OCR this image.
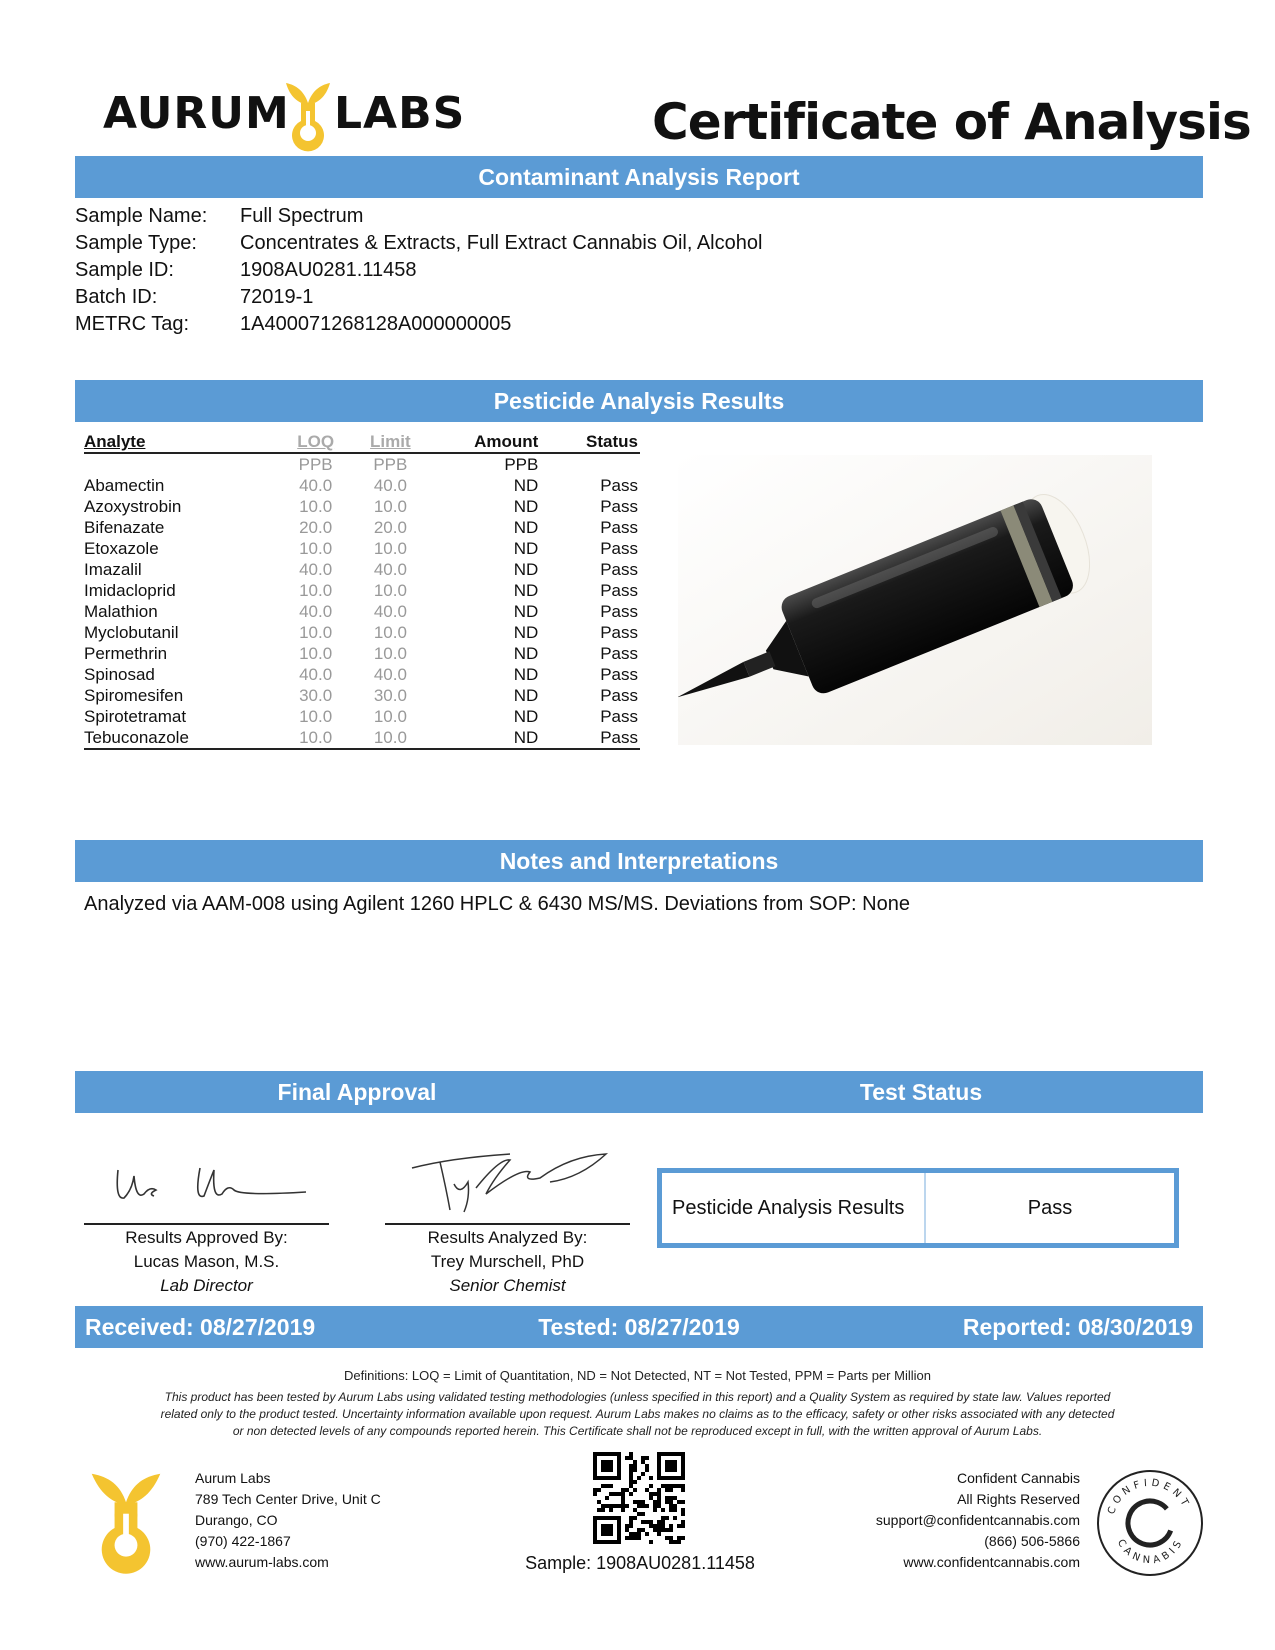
AURUM LABS	Certificate of Analysis
Contaminant Analysis Report
Sample Name:	Full Spectrum
Sample Type:	Concentrates & Extracts, Full Extract Cannabis Oil, Alcohol
Sample ID:	1908AU0281.11458
Batch ID:	72019-1
METRC Tag:	1A400071268128A000000005
Pesticide Analysis Results
Analyte	LOQ	Limit	Amount	Status
	PPB	PPB	PPB	
Abamectin	40.0	40.0	ND	Pass
Azoxystrobin	10.0	10.0	ND	Pass
Bifenazate	20.0	20.0	ND	Pass
Etoxazole	10.0	10.0	ND	Pass
Imazalil	40.0	40.0	ND	Pass
Imidacloprid	10.0	10.0	ND	Pass
Malathion	40.0	40.0	ND	Pass
Myclobutanil	10.0	10.0	ND	Pass
Permethrin	10.0	10.0	ND	Pass
Spinosad	40.0	40.0	ND	Pass
Spiromesifen	30.0	30.0	ND	Pass
Spirotetramat	10.0	10.0	ND	Pass
Tebuconazole	10.0	10.0	ND	Pass
Notes and Interpretations
Analyzed via AAM-008 using Agilent 1260 HPLC & 6430 MS/MS. Deviations from SOP: None
Final Approval	Test Status
Results Approved By:
Lucas Mason, M.S.
Lab Director
Results Analyzed By:
Trey Murschell, PhD
Senior Chemist
Pesticide Analysis Results	Pass
Received: 08/27/2019	Tested: 08/27/2019	Reported: 08/30/2019
Definitions: LOQ = Limit of Quantitation, ND = Not Detected, NT = Not Tested, PPM = Parts per Million
This product has been tested by Aurum Labs using validated testing methodologies (unless specified in this report) and a Quality System as required by state law. Values reported
related only to the product tested. Uncertainty information available upon request. Aurum Labs makes no claims as to the efficacy, safety or other risks associated with any detected
or non detected levels of any compounds reported herein. This Certificate shall not be reproduced except in full, with the written approval of Aurum Labs.
Aurum Labs
789 Tech Center Drive, Unit C
Durango, CO
(970) 422-1867
www.aurum-labs.com	Sample: 1908AU0281.11458
Confident Cannabis
All Rights Reserved
support@confidentcannabis.com
(866) 506-5866
www.confidentcannabis.com
CONFIDENT
CANNABIS
